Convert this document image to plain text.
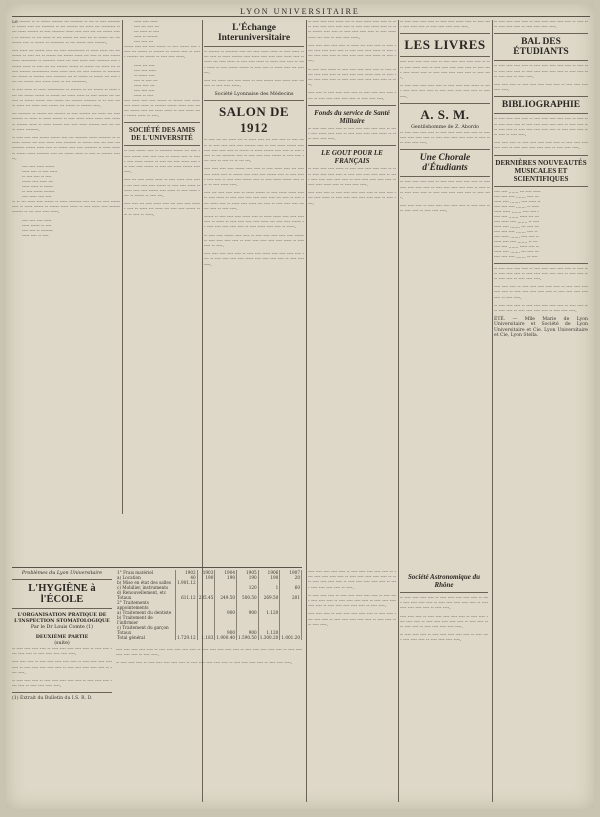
LYON UNIVERSITAIRE

Le ------- -- -- ------ ------- --- -------- -- --- -- ---- -------- -- ------ ---- --- -------- -- --- ------- --- ----- --- --------- -- --- ----- ------- -- ---- -------- ----- ---- ---- --- --- ------ ----- -- ------- -- --- ----- -- --- ------ --- ---- --- -- ------ --- --------- ---- -- ------ -- --------- -- --- ------ ---- -------.

---- ----- --- ------ ---- --- ---- ----------- -- ----- ----- --- --------- -- ---- --- -- ------ --- ------ ----- --- ---- -- ---- ------ ----- ---------- -- -------- ----- --- ---- ----- ---- -------- ---- ------- ----- -- ---- --- --- ------- ------ -- ------ --- ----- --- ------ ------- ----------- ----- ----- ---- --- ---- ------- -- -------- --- ------ -- ------- ---- -------- --- -- ------ -- ------ --- ---- ---- --- ------ ---- ----- ----- -- --- ---------.

-- ---- ----- -- ----- ----------- -- ------- -- --- ------ -- ----- ---- --- ------ ------ -- ------ --- ----- ----- -- ---- ------ --- ------- -- ------ ------ ---- ------ --- ------- -------- -- -- ---- --- -- ----- --- ----- ---- ------ --- ------ -- ------- ----.

--- -------- -- ------ --- ------- -- ---- ------- --- ----- --- ---- ------- -- ----- -- ----- ------ -- ---- ----- ----- ----- ---- ----- -- ------- ----- -- ----- ------ ---- ---- ----- ------- ---- --- --- -- ----- --------.

-- ---- ---- ---- ------ ------ ---- --- -------- ----- -------- -- -- ----- ------ --- ---- ----- ---- -------- -- ------ ---- --- ---- --- -------- ------ ----- ---- -- ------ ---- ---- -------- -- ----- ------- ------ ----- -------- ---- --- ------ ----- -- ---- -- ------- ------.

---- ---- ----- ------
----- ---- -- ---- -----
-- ---- ---- -- ----
------ ---- ----- ---
----- ----- -- ------
-- ---- ------ -------
---- ----- ---- ----

-- -- --- ----- ---- ------ -- ----- -------- ---- --- --- ---- ------ ---- -- ----- ------ -- ------ ----- ----- -- ---- ----- ---- ------- ------- -- --- ---- ---- -----.

---- ---- ---- -----
----- ------ -- ----
---- ---- -- --------
----- ---- -- ----
----- ---- -----
---- --- ---- ---
--- ----- -- ----
----- -- -------
---- ---- ---

------ ---- --- ---- ------ -- ---- ------ ---- ----- --- ------ -- ------- -- ------ ---- -- ----- ------- --- ------ -- ---- ---- -----.

----- --- ----
---- ---- -----
-- ------ ----
---- -- ---- ---
----- ---- ---
---- ---- ----
----- -- ----

---- ----- ---- ---- ------ -- ------ ---- ----- ---- ----- ----- -- ------- ------ ----- ---- ------ ------ ---- --- ----- ----- -- ---- ----- ---- ------ ----- -- ----.

SOCIÉTÉ DES AMIS DE L'UNIVERSITÉ

-- ---- ------ ---- -- -------- ------ --- ---- ----- ------ ---- ---- ---- -- ------ ---- -- ----- ---- ----- ------ -- ---- --- ---- ----- ---- --- ---- ---- ------ -- ---- --- ----- ------ ---- ----.

---- --- ---- ----- ----- -- ---- ----- ---- ----- --- ---- ---- ---- ------ -- ---- ---- ----- -- ----- ---- ---- ------ ---- ----- -- ---- ----- ---- -- ------ -- ---- ---.

---- ---- --- ---- ----- ---- --- ---- ---- ------ ---- -- ----- --- ----- --- ---- ---- ------ ---- -- ---- -- -----.

L'Échange Interuniversitaire

-- ------- -- -------- ---- --- ---- ----- ----- -- ---- ----- ----- ---- -- ----- ------- ---- ----- ---- ---- ---- ----- ---- ------- --- ---- ----- -- ---- ---- ----- -- ----- ---- ---- -- ---- ----- -- ---- ------ ------ -- ---- ---- -- ----- ---- --- -------.

---- --- ----- ---- ---- ----- -- ---- ------ ---- ----- ---- --- ---- -- ---- ---- -----.

Société Lyonnaise des Médecins
SALON DE 1912

-- ---- --- --- ----- --- -- ----- ---- --- ---- ---- -- ---- ----- -- ---- ---- ---- ---- ------- ---- -- ---- ----- ------ ---- ---- ---- ---- ---- -- ------ -- ----- ------ ---- ---- -- ---- ----- -- --- -------- ---- -- ---- ---- ---- ------ -- ---- ---- ---- ---- -- ---- -- -- --- ---.

---- ---- ---- ---- ------ ---- ---- -- ---- ----- ---- --- ---- ---- ----- ---- -- ------ ---- ---- ---- ------ ---- -- ---- ----- ---- ---- -- ---- ---- ------ ---- -- ---- ----- ------ ---- ---- -- ---- ----- ----.

---- --- ---- ---- ---- -- ----- ------ -- ---- ----- ----- ---- -- ---- ----- -- ---- ---- ---- ---- ---- ---- --- ---- -- ---- ---- ----- ---- -- ----- ---- ----- --- ---- -- ---- ---- ---- ------ ---- -- ---- ----.

------ -- ---- ---- ---- ----- ---- -- ----- ----- ---- ---- ---- ---- -- ----- -- ---- ---- ---- ---- ----- --- ---- ---- ------ -- ---- ---- ---- ---- ---- -- ---- ----- ---- ---- -- -----.

-- ---- ---- ------ ---- ---- -- ---- ---- ---- ---- ---- ------ -- ---- ---- ---- ---- -- ---- ---- ---- ---- ---- ----- -- ---- ---- -- ----.

---- ---- ---- ---- ---- -- ---- ---- ----- ---- ---- ---- ---- ---- -- ---- ---- ---- ---- ----- ---- ---- ---- ---- -- ---- ---- ----.

-- ---- ---- ---- ----- --- -- ---- ----- ---- ---- -- ---- ---- ---- ---- ---- ---- -- ---- ---- ----- ---- -- ---- ------ ---- ---- -- ---- ---- ---- ---- -- ---- ----- ----- --- ---- -- ---- ---- -----.

---- ---- ---- ---- ---- -- ----- --- ---- ---- -- ---- ---- ---- ---- ---- ---- -- ---- ---- ---- ----- -- ---- ---- ---- ---- ---- -- ---- ---- ---- ---- ----- -- ---- ----.

-- ---- ---- ----- -- ---- ---- ---- ---- ---- -- ---- ----- ---- ---- ---- -- ---- ---- ---- ----- ---- -- ---- ---- ---- ---- ---- -- ---- ---- ---- ---- ---- ---- -- ----.

---- ---- -- ---- ---- ---- ---- -- ---- ---- ---- ---- ---- -- ---- ---- ---- ---- ---- -- ---- ---- ----.

Fonds du service de Santé Militaire

-- ---- ---- ---- ---- -- ---- ---- ---- ---- ---- -- ---- ---- ----- ---- ---- -- ---- ---- ---- ---- ----- -- ---- ---- ---- ----.

LE GOUT POUR LE FRANÇAIS

-- ---- ---- ---- ----- -- ---- ---- ---- ---- ---- -- ---- ---- ---- ---- ---- -- ---- ---- ---- ---- ---- -- ---- ---- ---- ---- ---- ---- -- ---- ---- ---- ---- ---- -- ---- ---- ----- ---- -- ---- ---- ----.

---- ---- ---- -- ---- ---- ---- ---- ---- -- ---- ---- ---- ---- ----- -- ---- ---- ---- ---- ---- ---- -- ---- ----.

-- ---- ---- ---- ---- -- ---- ---- ----- ---- -- ---- ---- ---- ---- ---- -- ---- ---- ---- ---- ----.

LES LIVRES

---- ---- ---- ---- ---- -- ---- ---- ---- ---- ---- -- ---- ---- ----- ---- -- ---- ---- ---- ---- ---- -- ---- ---- ---- ----- ---- -- ---- ---- ---- ---- ---- -- ---- ----.

-- ---- ---- ---- ---- ---- -- ---- ---- ---- ----- -- ---- ---- ---- ---- ---- -- ---- ---- ---- ---- ---- -- ---- ----.

A. S. M.
Gentilshomme de Z. Abordo

-- ---- ---- ---- ---- -- ---- ---- ---- ---- ---- -- ---- ---- ---- ---- ---- -- ---- ---- ---- ---- ---- -- ---- ---- ---- ---- ----.

Une Chorale d'Étudiants

-- ---- ---- ---- ---- -- ---- ---- ---- ---- ---- -- ---- ---- ---- ---- ---- -- ---- ---- ---- ---- ---- -- ---- ---- ---- ---- ---- -- ---- ---- ---- ---- ---- -- ---- ----.

---- ---- ---- -- ---- ---- ---- ---- ---- -- ---- ---- ---- ---- ---- -- ---- ---- ----.

-- ---- ---- ---- ---- -- ---- ---- ---- ---- ---- -- ---- ---- ---- ---- ---- -- ---- ---- ---- ----.

BAL DES ÉTUDIANTS

-- ---- ---- ---- ---- -- ---- ---- ---- ---- ---- -- ---- ---- ---- ---- ---- -- ---- ---- ---- ---- ---- -- ---- ---- ---- ---- ---- -- ---- ----.

---- ---- ---- -- ---- ---- ---- ---- ---- -- ---- ---- ---- ---- ----.

BIBLIOGRAPHIE

-- ---- ---- ---- ---- -- ---- ---- ---- ---- ---- -- ---- ---- ---- ---- ---- -- ---- ---- ---- ---- ---- -- ---- ---- ---- ---- ---- -- ---- ---- ---- ---- ---- -- ---- ---- ---- ---- ---- -- ---- ----.

---- ---- ---- -- ---- ---- ---- ---- ---- -- ---- ---- ---- ---- ---- -- ---- ---- ---- ---- ---- -- ---- ---- ----.

DERNIÈRES NOUVEAUTÉS MUSICALES ET SCIENTIFIQUES
---- ---- ....... --- ---- -----
---- ---- ---- ....... ---- ---
----- ---- ....... ---- ----- --
---- ---- ---- ....... -- -----
----- ----- ....... ---- ---- -
---- ---- ....... ----- --- ---
---- ----- ---- ....... -- ----
----- ---- ....... --- ---- ---
---- ---- ---- ....... ---- --
---- ----- ....... ---- ---- --
----- ---- ---- ....... -- ---
---- ---- ....... ----- ---- --
----- ---- ....... --- ---- ---
---- ---- ---- ....... -- ----

-- ---- ---- ---- ---- -- ---- ---- ---- ---- ---- -- ---- ---- ---- ---- ---- -- ---- ---- ---- ---- ---- -- ---- ---- ---- ---- ---- -- ---- ---- ----.

---- ---- ---- -- ---- ---- ---- ---- ---- -- ---- ---- ---- ---- ---- -- ---- ---- ---- ---- ---- -- ---- ---- ---- ---- ---- -- ---- ----.

-- ---- ---- ---- -- ---- ---- ---- ---- ---- -- ---- ---- ---- ---- ---- -- ---- ---- ---- ---- -- ---- ---- ----.

ÉTÉ. — Mlle Marie de Lyon Universitaire et Société de Lyon Universitaire et Cie. Lyon Universitaire et Cie, Lyon Stella.

Problèmes du Lyon Universitaire
L'HYGIÈNE à l'ÉCOLE
L'ORGANISATION PRATIQUE DE L'INSPECTION STOMATOLOGIQUE
Par le Dr Louis Comte (1)
DEUXIÈME PARTIE
(suite)

-- ---- ---- ---- ---- -- ---- ---- ---- ---- ---- -- ---- ---- ---- ---- ---- -- ---- ---- ---- ---- ----.

---- ---- ---- -- ---- ---- ---- ---- ---- -- ---- ---- ---- ---- ---- -- ---- ---- ---- ---- ---- -- ---- ---- ---- ---- ---- -- ---- ----.

-- ---- ---- ---- -- ---- ---- ---- ---- ---- -- ---- ---- ---- ---- ---- -- ---- ---- ---- ----.

(1) Extrait du Bulletin du I.S. R. D.
1° Frais matériel	1902	1903	1904	1905	1906	1907
a) Location	40	190	190	190	190	20
b) Mise en état des salles	1.901.12					
c) Mobilier, instruments				120	1	60
d) Renouvellement, etc						
Totaux	611.12	235.45	249.50	500.50	269.50	201
2° Traitements appointements						
a) Traitement du dentiste			900	900	1.120	
b) Traitement de l'infirmier						
c) Traitement du garçon						
Totaux			900	900	1.120	
Total général	1.729.12	1.183	1.900.40	1.590.50	1.300.20	1.001.20

---- ---- ---- ---- ---- -- ---- ---- ---- ---- ---- -- ---- ---- ---- ---- ---- -- ---- ---- ---- ---- ---- -- ---- ---- ---- ---- ---- -- ---- ----.

-- ---- ---- ---- -- ---- ---- ---- ---- ---- -- ---- ---- ---- ---- ---- -- ---- ---- ---- ---- -- ---- ---- ----.

---- ---- ---- ---- ---- -- ---- ---- ---- ---- ---- -- ---- ---- ---- ---- ---- -- ---- ---- ---- ---- ---- -- ---- ---- ---- ---- ---- -- ---- ---- ---- ---- ---- -- ---- ---- ---- ---- ---- -- ----.

-- ---- ---- ---- -- ---- ---- ---- ---- ---- -- ---- ---- ---- ---- ---- -- ---- ---- ---- ---- -- ---- ---- ---- ---- ---- -- ---- ---- ---- ---- ---- -- ---- ----.

---- ---- ---- -- ---- ---- ---- ---- ---- -- ---- ---- ---- ---- ---- -- ---- ---- ---- ---- ---- -- ---- ---- ---- ---- ----.

Société Astronomique du Rhône

-- ---- ---- ---- ---- -- ---- ---- ---- ---- ---- -- ---- ---- ---- ---- ---- -- ---- ---- ---- ---- ---- -- ---- ---- ---- ---- ---- -- ---- ----.

---- ---- ---- -- ---- ---- ---- ---- ---- -- ---- ---- ---- ---- ---- -- ---- ---- ---- ---- ---- -- ---- ---- ---- ---- ---- -- ---- ---- ---- ---- ----.

-- ---- ---- ---- -- ---- ---- ---- ---- ---- -- ---- ---- ---- ---- ---- -- ---- ---- ---- ----.
